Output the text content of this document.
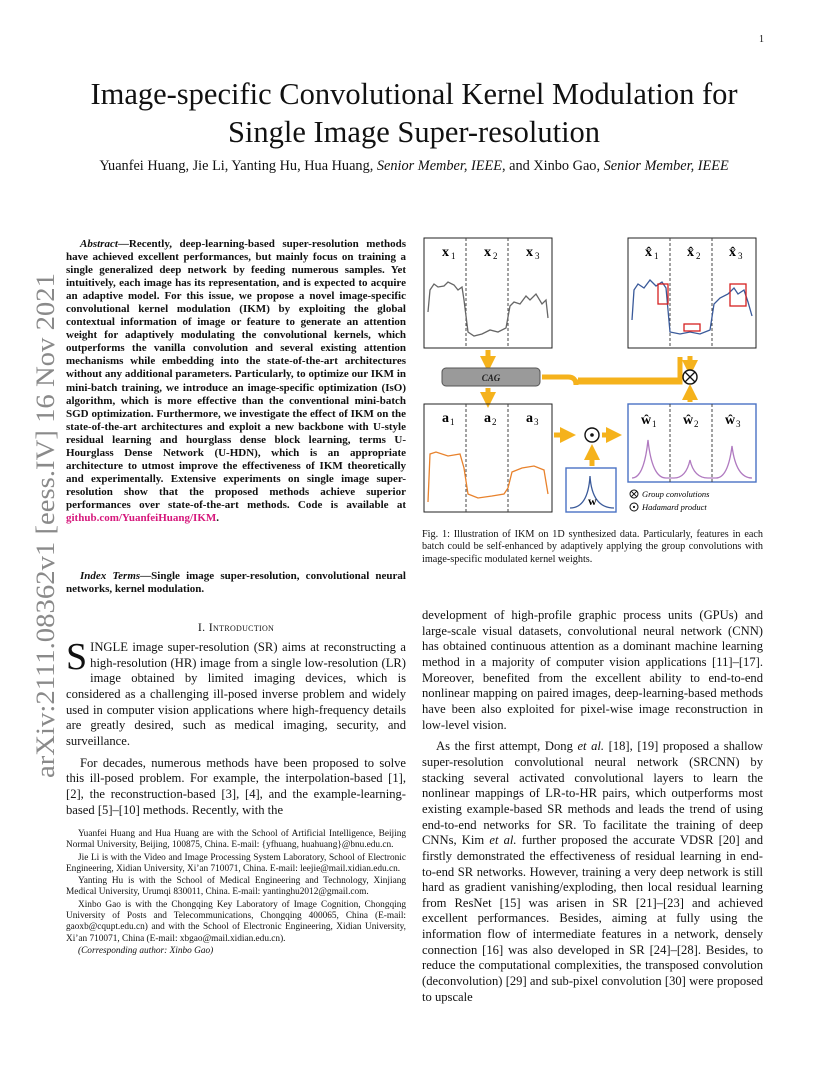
1
arXiv:2111.08362v1 [eess.IV] 16 Nov 2021
Image-specific Convolutional Kernel Modulation for
Single Image Super-resolution
Yuanfei Huang, Jie Li, Yanting Hu, Hua Huang, Senior Member, IEEE, and Xinbo Gao, Senior Member, IEEE
Abstract—Recently, deep-learning-based super-resolution methods have achieved excellent performances, but mainly focus on training a single generalized deep network by feeding numerous samples. Yet intuitively, each image has its representation, and is expected to acquire an adaptive model. For this issue, we propose a novel image-specific convolutional kernel modulation (IKM) by exploiting the global contextual information of image or feature to generate an attention weight for adaptively modulating the convolutional kernels, which outperforms the vanilla convolution and several existing attention mechanisms while embedding into the state-of-the-art architectures without any additional parameters. Particularly, to optimize our IKM in mini-batch training, we introduce an image-specific optimization (IsO) algorithm, which is more effective than the conventional mini-batch SGD optimization. Furthermore, we investigate the effect of IKM on the state-of-the-art architectures and exploit a new backbone with U-style residual learning and hourglass dense block learning, terms U-Hourglass Dense Network (U-HDN), which is an appropriate architecture to utmost improve the effectiveness of IKM theoretically and experimentally. Extensive experiments on single image super-resolution show that the proposed methods achieve superior performances over state-of-the-art methods. Code is available at github.com/YuanfeiHuang/IKM.
Index Terms—Single image super-resolution, convolutional neural networks, kernel modulation.
I. Introduction

SINGLE image super-resolution (SR) aims at reconstructing a high-resolution (HR) image from a single low-resolution (LR) image obtained by limited imaging devices, which is considered as a challenging ill-posed inverse problem and widely used in computer vision applications where high-frequency details are greatly desired, such as medical imaging, security, and surveillance.

For decades, numerous methods have been proposed to solve this ill-posed problem. For example, the interpolation-based [1], [2], the reconstruction-based [3], [4], and the example-learning-based [5]–[10] methods. Recently, with the

Yuanfei Huang and Hua Huang are with the School of Artificial Intelligence, Beijing Normal University, Beijing, 100875, China. E-mail: {yfhuang, huahuang}@bnu.edu.cn.

Jie Li is with the Video and Image Processing System Laboratory, School of Electronic Engineering, Xidian University, Xi’an 710071, China. E-mail: leejie@mail.xidian.edu.cn.

Yanting Hu is with the School of Medical Engineering and Technology, Xinjiang Medical University, Urumqi 830011, China. E-mail: yantinghu2012@gmail.com.

Xinbo Gao is with the Chongqing Key Laboratory of Image Cognition, Chongqing University of Posts and Telecommunications, Chongqing 400065, China (E-mail: gaoxb@cqupt.edu.cn) and with the School of Electronic Engineering, Xidian University, Xi’an 710071, China (E-mail: xbgao@mail.xidian.edu.cn).

(Corresponding author: Xinbo Gao)

x 1 x 2 x 3	x̂ 1 x̂ 2 x̂ 3
CAG
a 1 a 2 a 3
w
ŵ 1 ŵ 2 ŵ 3
Group convolutions
Hadamard product
Fig. 1: Illustration of IKM on 1D synthesized data. Particularly, features in each batch could be self-enhanced by adaptively applying the group convolutions with image-specific modulated kernel weights.

development of high-profile graphic process units (GPUs) and large-scale visual datasets, convolutional neural network (CNN) has obtained continuous attention as a dominant machine learning method in a majority of computer vision applications [11]–[17]. Moreover, benefited from the excellent ability to end-to-end nonlinear mapping on paired images, deep-learning-based methods have been also exploited for pixel-wise image reconstruction in low-level vision.

As the first attempt, Dong et al. [18], [19] proposed a shallow super-resolution convolutional neural network (SRCNN) by stacking several activated convolutional layers to learn the nonlinear mappings of LR-to-HR pairs, which outperforms most existing example-based SR methods and leads the trend of using end-to-end networks for SR. To facilitate the training of deep CNNs, Kim et al. further proposed the accurate VDSR [20] and firstly demonstrated the effectiveness of residual learning in end-to-end SR networks. However, training a very deep network is still hard as gradient vanishing/exploding, then local residual learning from ResNet [15] was arisen in SR [21]–[23] and achieved excellent performances. Besides, aiming at fully using the information flow of intermediate features in a network, densely connection [16] was also developed in SR [24]–[28]. Besides, to reduce the computational complexities, the transposed convolution (deconvolution) [29] and sub-pixel convolution [30] were proposed to upscale
